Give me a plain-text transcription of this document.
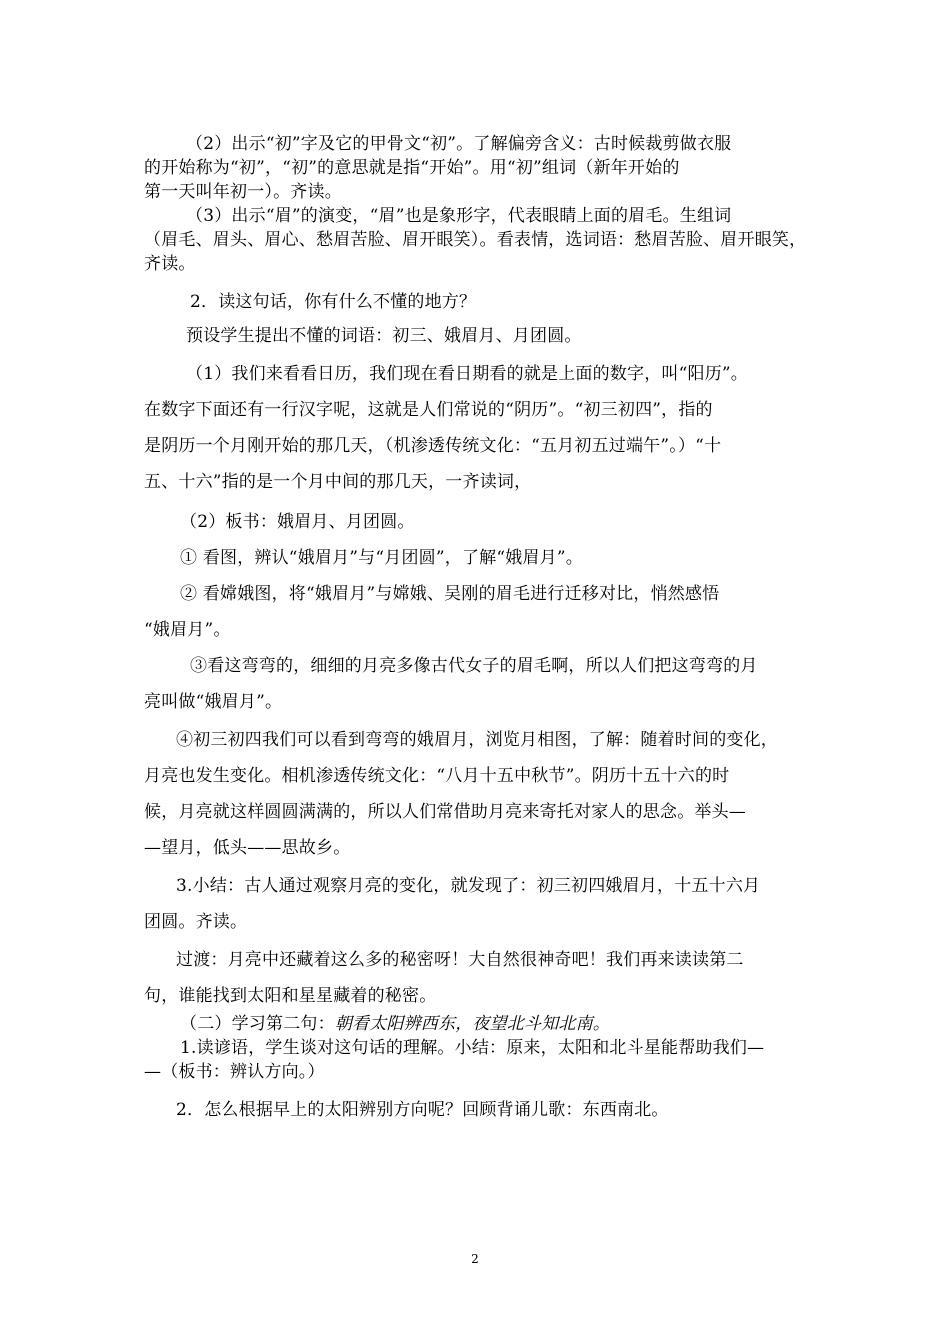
（2）出示“初”字及它的甲骨文“初”。了解偏旁含义：古时候裁剪做衣服

的开始称为“初”，“初”的意思就是指“开始”。用“初”组词（新年开始的

第一天叫年初一）。齐读。

（3）出示“眉”的演变，“眉”也是象形字，代表眼睛上面的眉毛。生组词

（眉毛、眉头、眉心、愁眉苦脸、眉开眼笑）。看表情，选词语：愁眉苦脸、眉开眼笑，

齐读。

2．读这句话，你有什么不懂的地方？

预设学生提出不懂的词语：初三、娥眉月、月团圆。

（1）我们来看看日历，我们现在看日期看的就是上面的数字，叫“阳历”。

在数字下面还有一行汉字呢，这就是人们常说的“阴历”。“初三初四”，指的

是阴历一个月刚开始的那几天，（机渗透传统文化：“五月初五过端午”。）“十

五、十六”指的是一个月中间的那几天，一齐读词，

（2）板书：娥眉月、月团圆。

① 看图，辨认“娥眉月”与“月团圆”，了解“娥眉月”。

② 看嫦娥图，将“娥眉月”与嫦娥、吴刚的眉毛进行迁移对比，悄然感悟

“娥眉月”。

③看这弯弯的，细细的月亮多像古代女子的眉毛啊，所以人们把这弯弯的月

亮叫做“娥眉月”。

④初三初四我们可以看到弯弯的娥眉月，浏览月相图，了解：随着时间的变化，

月亮也发生变化。相机渗透传统文化：“八月十五中秋节”。阴历十五十六的时

候，月亮就这样圆圆满满的，所以人们常借助月亮来寄托对家人的思念。举头—

—望月，低头——思故乡。

3.小结：古人通过观察月亮的变化，就发现了：初三初四娥眉月，十五十六月

团圆。齐读。

过渡：月亮中还藏着这么多的秘密呀！大自然很神奇吧！我们再来读读第二

句，谁能找到太阳和星星藏着的秘密。

（二）学习第二句：朝看太阳辨西东，夜望北斗知北南。

1.读谚语，学生谈对这句话的理解。小结：原来，太阳和北斗星能帮助我们—

—（板书：辨认方向。）

2．怎么根据早上的太阳辨别方向呢？回顾背诵儿歌：东西南北。

2
